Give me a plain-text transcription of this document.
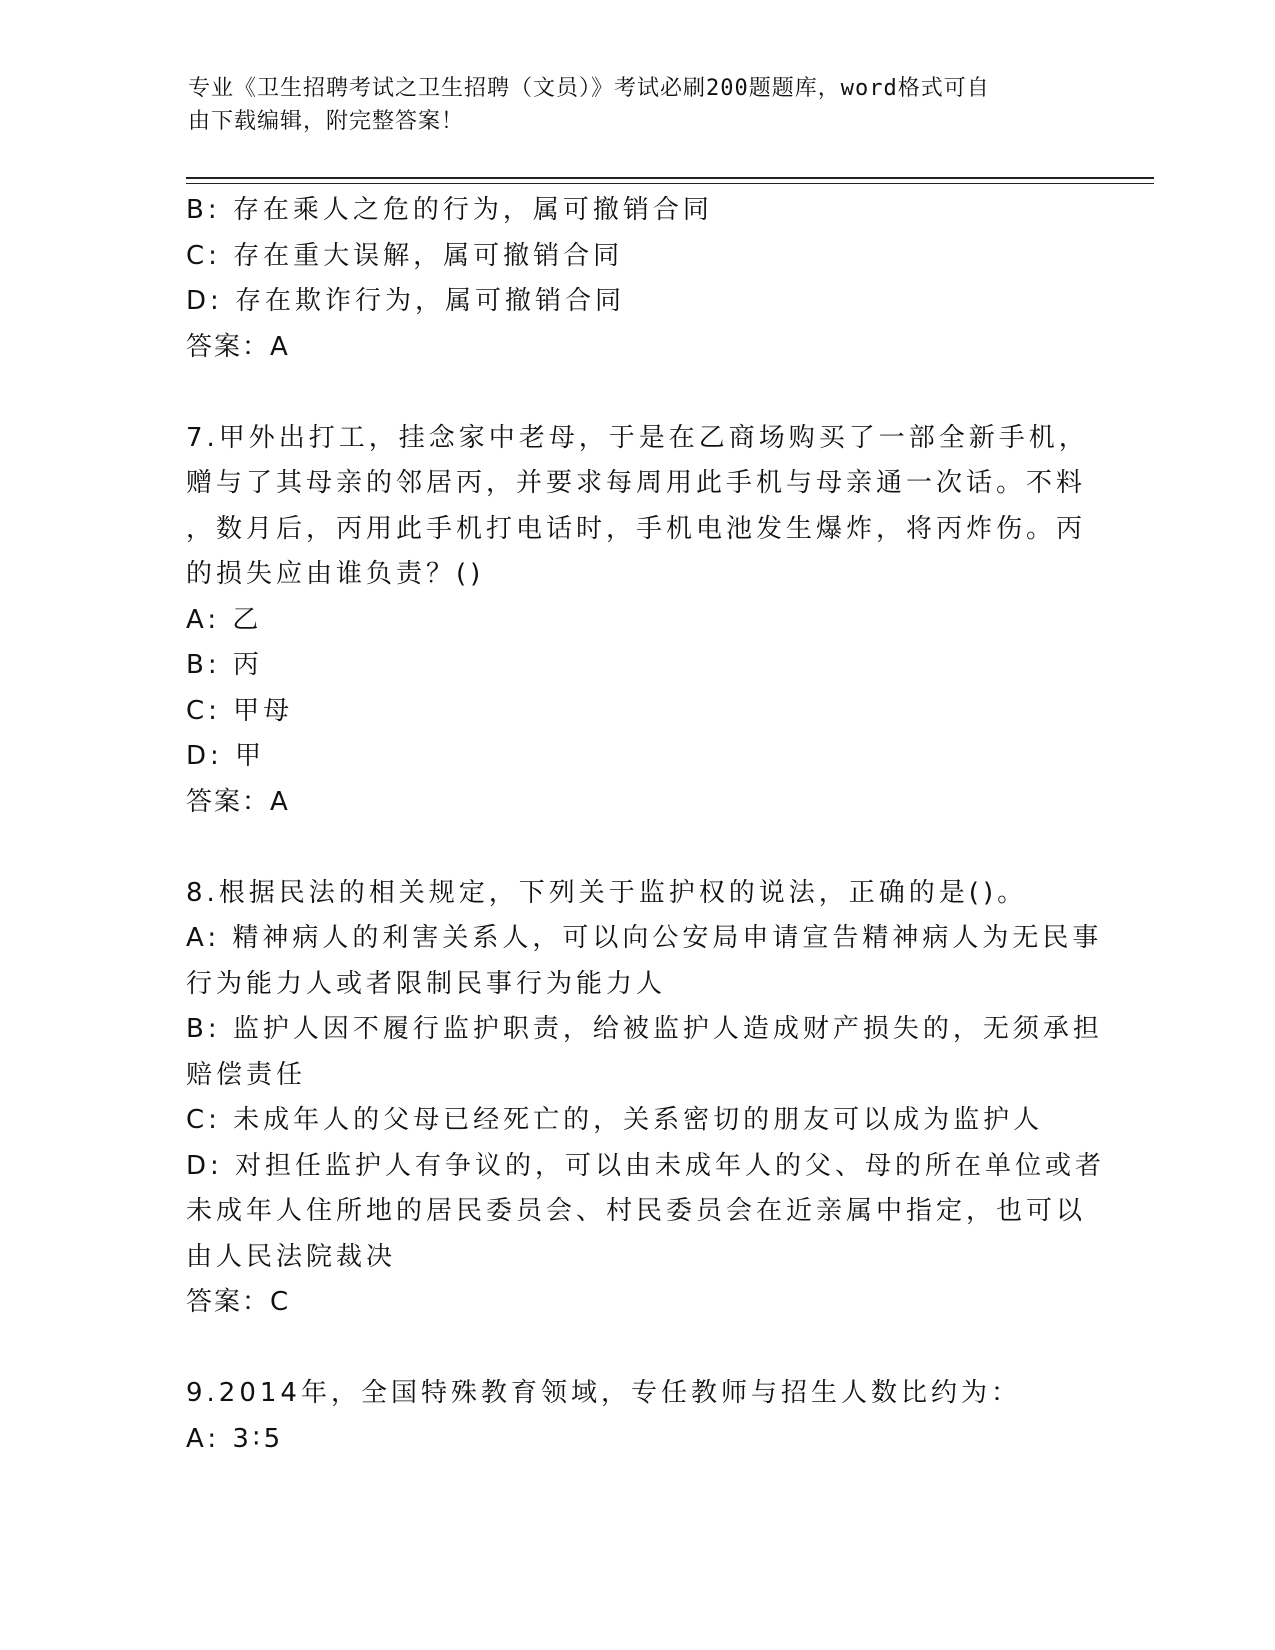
专业《卫生招聘考试之卫生招聘（文员）》考试必刷200题题库，word格式可自
由下载编辑，附完整答案！
B: 存在乘人之危的行为，属可撤销合同
C: 存在重大误解，属可撤销合同
D: 存在欺诈行为，属可撤销合同
答案：A
7.甲外出打工，挂念家中老母，于是在乙商场购买了一部全新手机，
赠与了其母亲的邻居丙，并要求每周用此手机与母亲通一次话。不料
，数月后，丙用此手机打电话时，手机电池发生爆炸，将丙炸伤。丙
的损失应由谁负责？()
A: 乙
B: 丙
C: 甲母
D: 甲
答案：A
8.根据民法的相关规定，下列关于监护权的说法，正确的是()。
A: 精神病人的利害关系人，可以向公安局申请宣告精神病人为无民事
行为能力人或者限制民事行为能力人
B: 监护人因不履行监护职责，给被监护人造成财产损失的，无须承担
赔偿责任
C: 未成年人的父母已经死亡的，关系密切的朋友可以成为监护人
D: 对担任监护人有争议的，可以由未成年人的父、母的所在单位或者
未成年人住所地的居民委员会、村民委员会在近亲属中指定，也可以
由人民法院裁决
答案：C
9.2014年，全国特殊教育领域，专任教师与招生人数比约为：
A: 3∶5
